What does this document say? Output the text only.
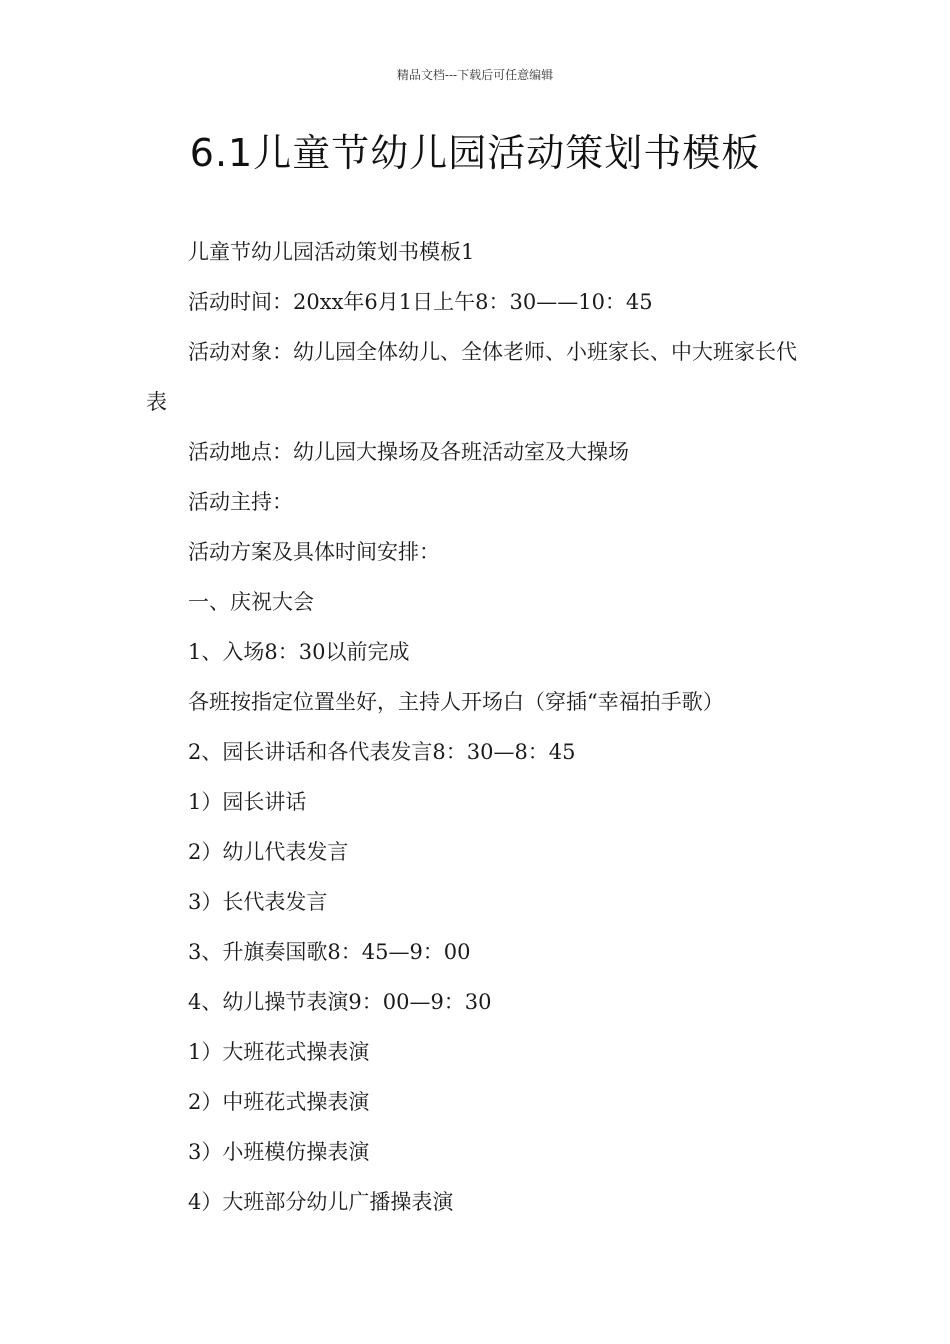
精品文档---下载后可任意编辑
6.1儿童节幼儿园活动策划书模板

儿童节幼儿园活动策划书模板1

活动时间：20xx年6月1日上午8：30——10：45

活动对象：幼儿园全体幼儿、全体老师、小班家长、中大班家长代表

活动地点：幼儿园大操场及各班活动室及大操场

活动主持：

活动方案及具体时间安排：

一、庆祝大会

1、入场8：30以前完成

各班按指定位置坐好，主持人开场白（穿插“幸福拍手歌）

2、园长讲话和各代表发言8：30—8：45

1）园长讲话

2）幼儿代表发言

3）长代表发言

3、升旗奏国歌8：45—9：00

4、幼儿操节表演9：00—9：30

1）大班花式操表演

2）中班花式操表演

3）小班模仿操表演

4）大班部分幼儿广播操表演
